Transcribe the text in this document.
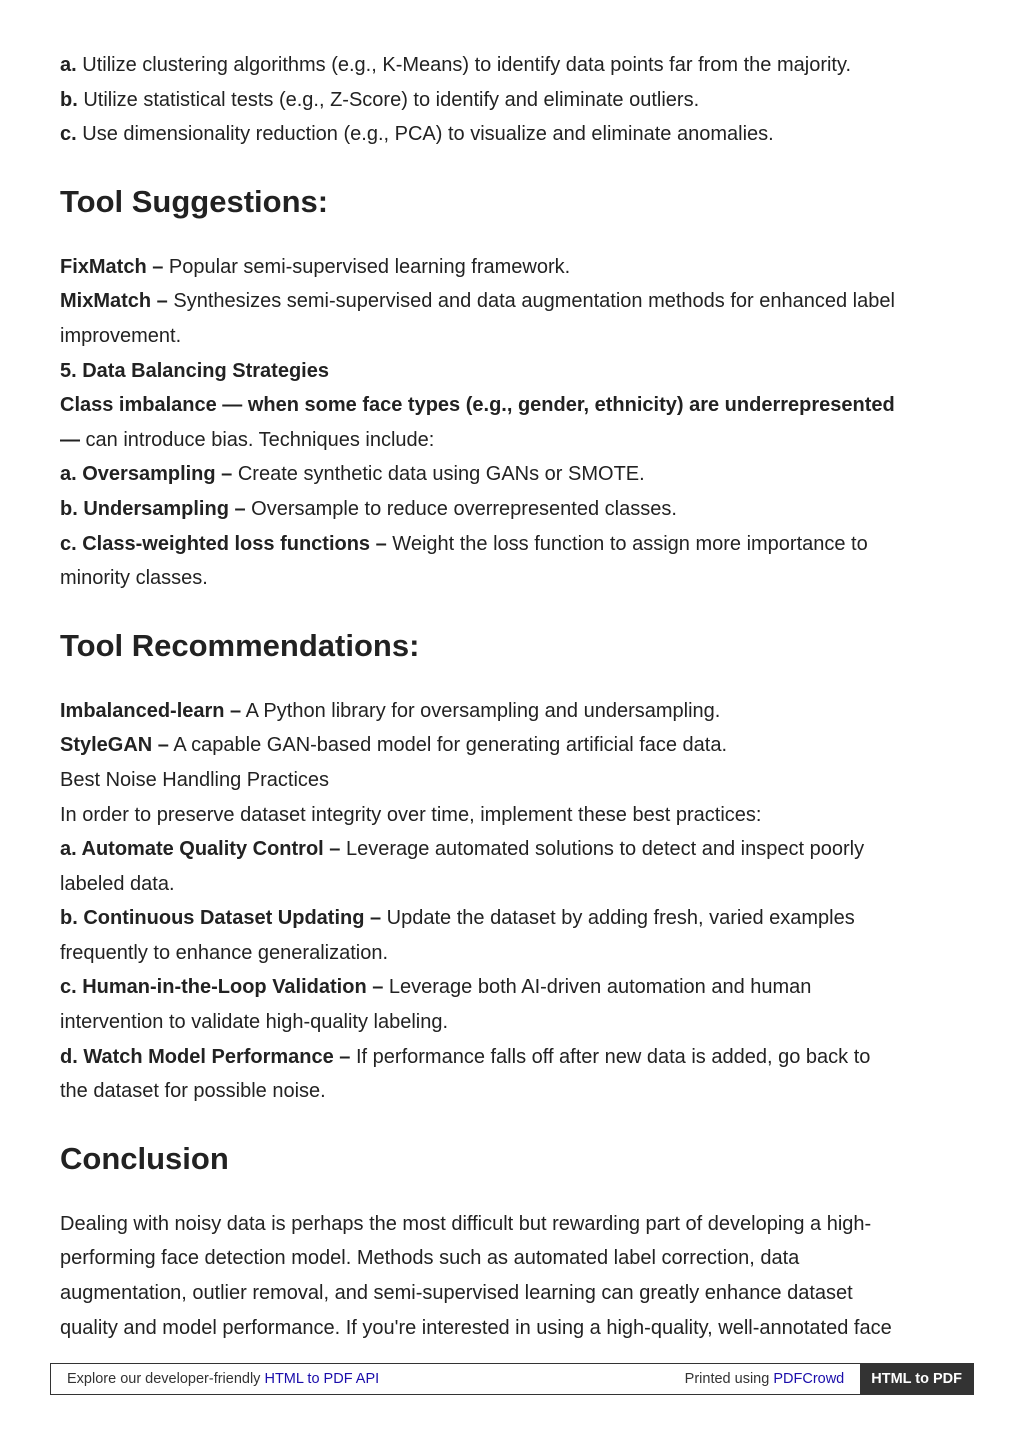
a. Utilize clustering algorithms (e.g., K-Means) to identify data points far from the majority.

b. Utilize statistical tests (e.g., Z-Score) to identify and eliminate outliers.

c. Use dimensionality reduction (e.g., PCA) to visualize and eliminate anomalies.

Tool Suggestions:

FixMatch – Popular semi-supervised learning framework.

MixMatch – Synthesizes semi-supervised and data augmentation methods for enhanced label

improvement.

5. Data Balancing Strategies

Class imbalance — when some face types (e.g., gender, ethnicity) are underrepresented

— can introduce bias. Techniques include:

a. Oversampling – Create synthetic data using GANs or SMOTE.

b. Undersampling – Oversample to reduce overrepresented classes.

c. Class-weighted loss functions – Weight the loss function to assign more importance to

minority classes.

Tool Recommendations:

Imbalanced-learn – A Python library for oversampling and undersampling.

StyleGAN – A capable GAN-based model for generating artificial face data.

Best Noise Handling Practices

In order to preserve dataset integrity over time, implement these best practices:

a. Automate Quality Control – Leverage automated solutions to detect and inspect poorly

labeled data.

b. Continuous Dataset Updating – Update the dataset by adding fresh, varied examples

frequently to enhance generalization.

c. Human-in-the-Loop Validation – Leverage both AI-driven automation and human

intervention to validate high-quality labeling.

d. Watch Model Performance – If performance falls off after new data is added, go back to

the dataset for possible noise.

Conclusion

Dealing with noisy data is perhaps the most difficult but rewarding part of developing a high-

performing face detection model. Methods such as automated label correction, data

augmentation, outlier removal, and semi-supervised learning can greatly enhance dataset

quality and model performance. If you're interested in using a high-quality, well-annotated face

Explore our developer-friendly HTML to PDF API	Printed using PDFCrowd	HTML to PDF
